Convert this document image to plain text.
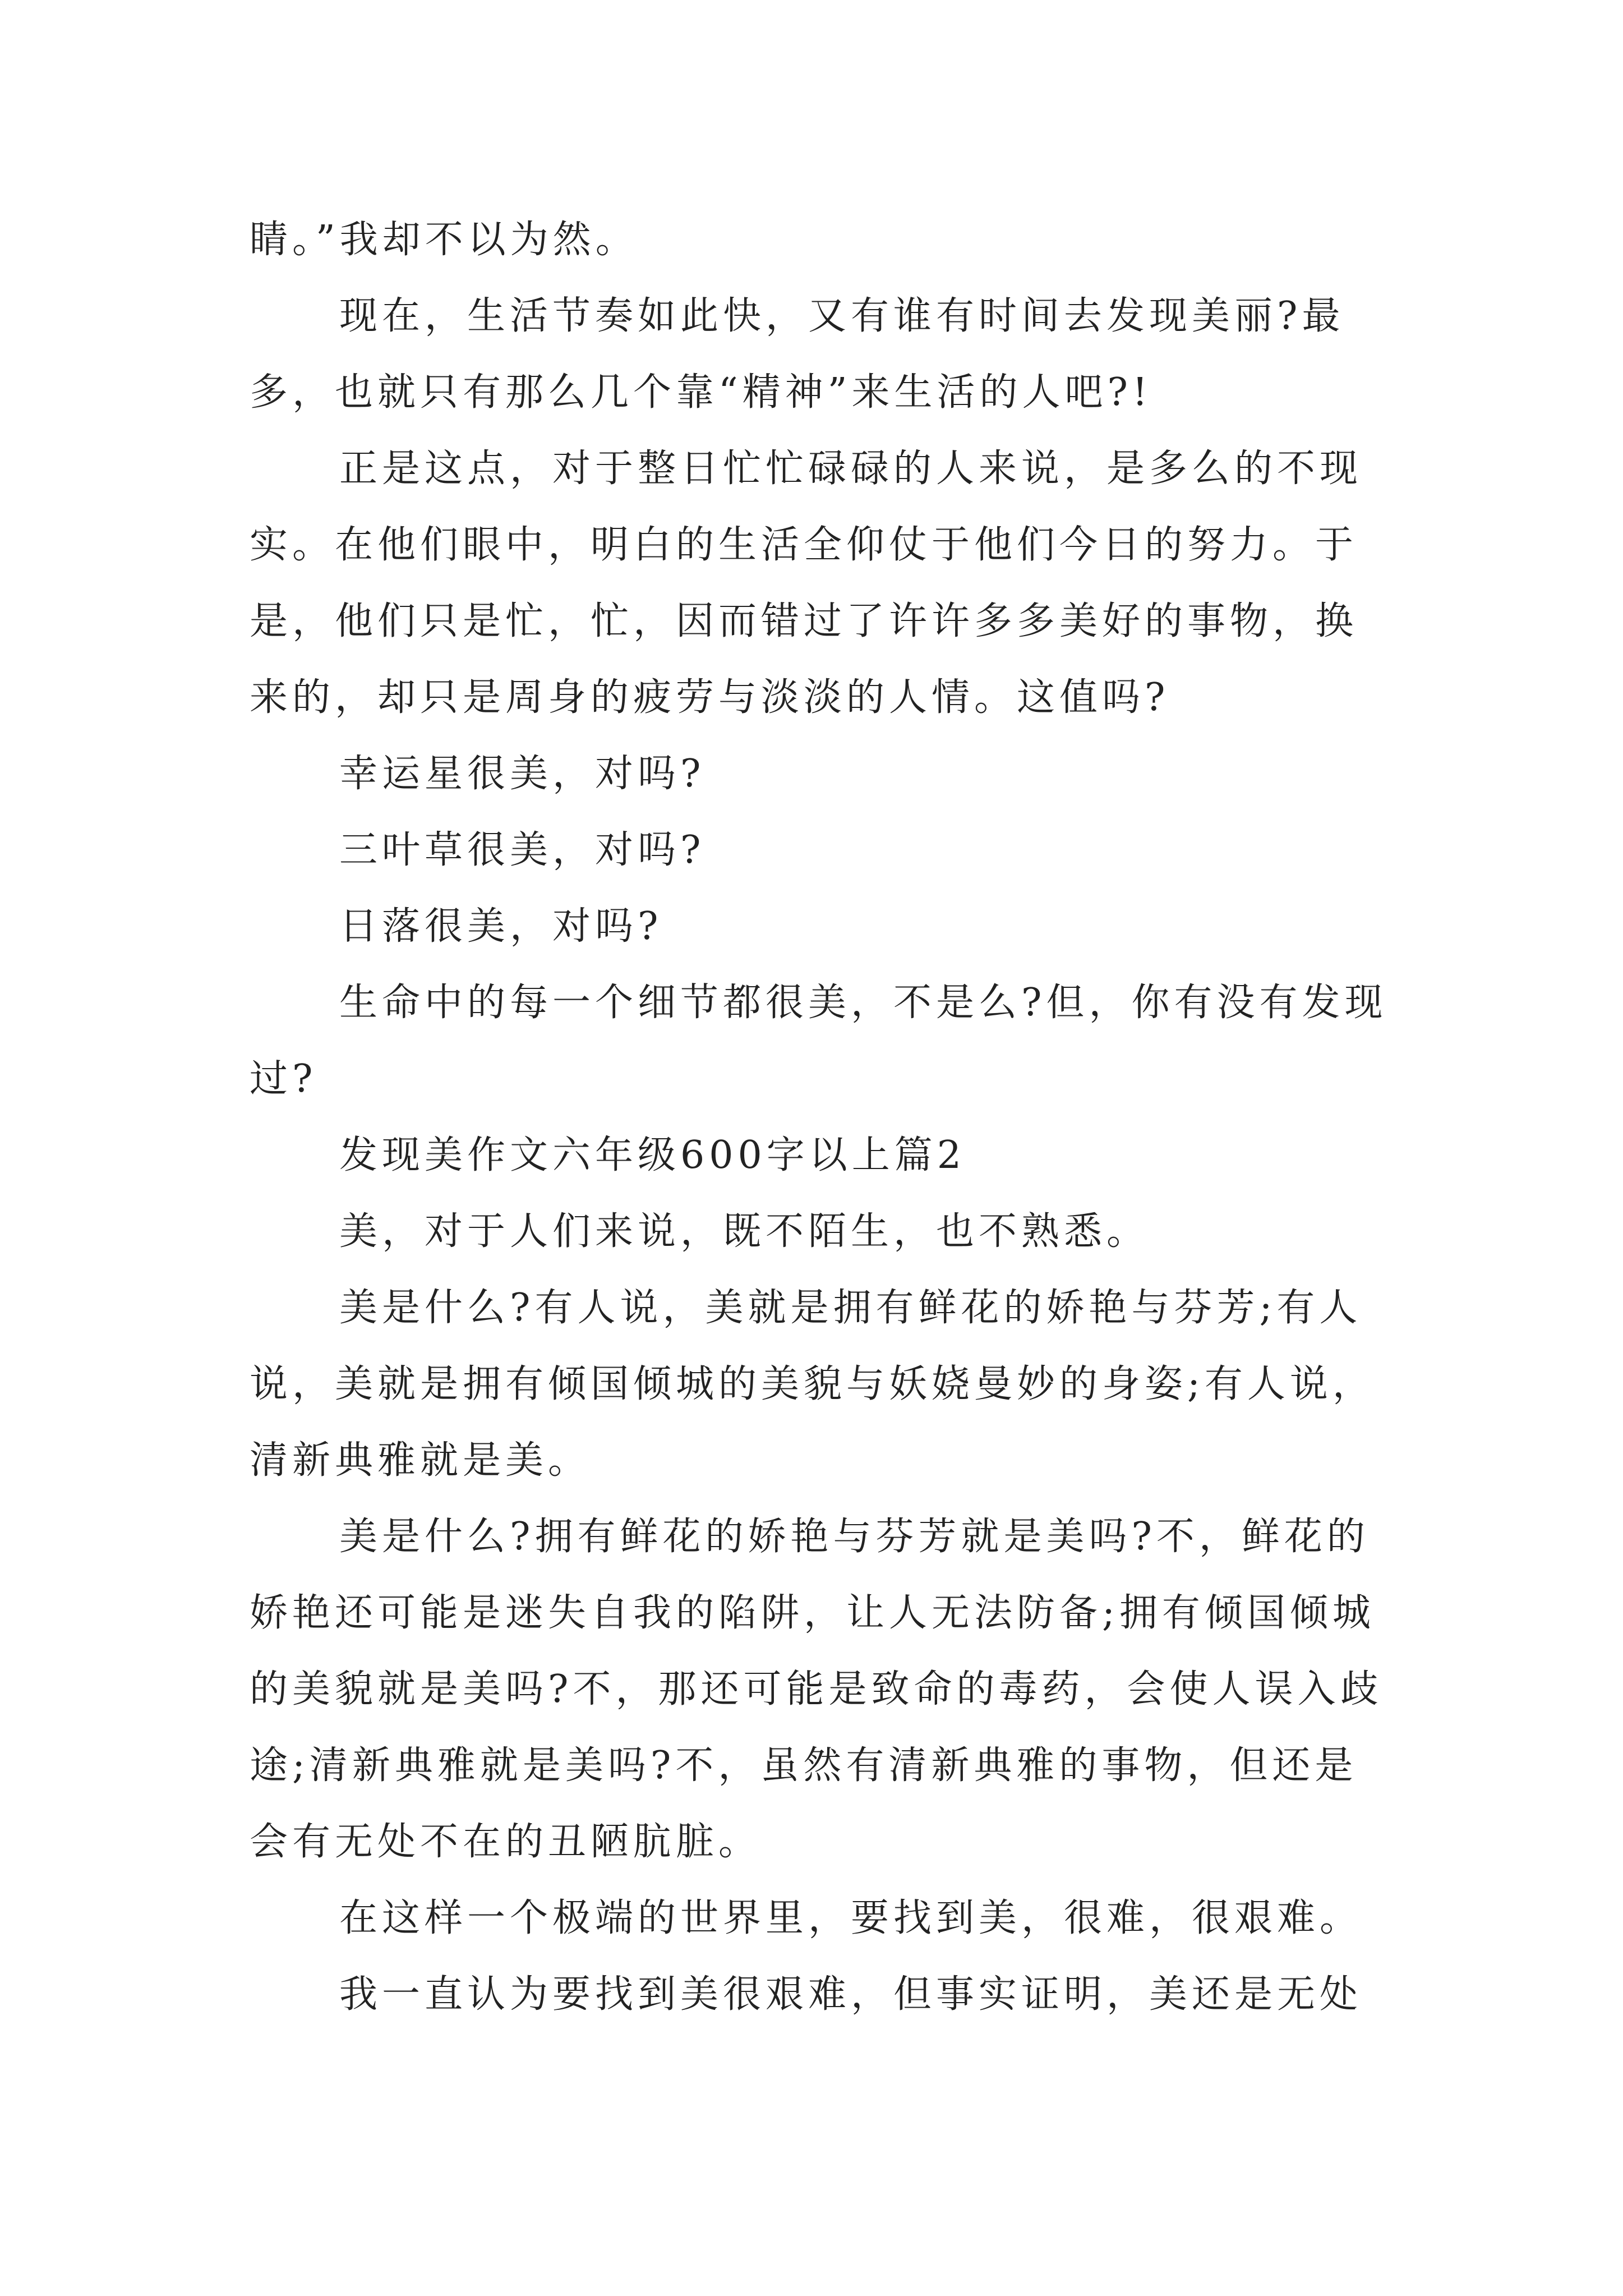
睛。”我却不以为然。

现在，生活节奏如此快，又有谁有时间去发现美丽?最多，也就只有那么几个靠“精神”来生活的人吧?!

正是这点，对于整日忙忙碌碌的人来说，是多么的不现实。在他们眼中，明白的生活全仰仗于他们今日的努力。于是，他们只是忙，忙，因而错过了许许多多美好的事物，换来的，却只是周身的疲劳与淡淡的人情。这值吗?

幸运星很美，对吗?

三叶草很美，对吗?

日落很美，对吗?

生命中的每一个细节都很美，不是么?但，你有没有发现过?

发现美作文六年级600字以上篇2

美，对于人们来说，既不陌生，也不熟悉。

美是什么?有人说，美就是拥有鲜花的娇艳与芬芳;有人说，美就是拥有倾国倾城的美貌与妖娆曼妙的身姿;有人说，清新典雅就是美。

美是什么?拥有鲜花的娇艳与芬芳就是美吗?不，鲜花的娇艳还可能是迷失自我的陷阱，让人无法防备;拥有倾国倾城的美貌就是美吗?不，那还可能是致命的毒药，会使人误入歧途;清新典雅就是美吗?不，虽然有清新典雅的事物，但还是会有无处不在的丑陋肮脏。

在这样一个极端的世界里，要找到美，很难，很艰难。

我一直认为要找到美很艰难，但事实证明，美还是无处
